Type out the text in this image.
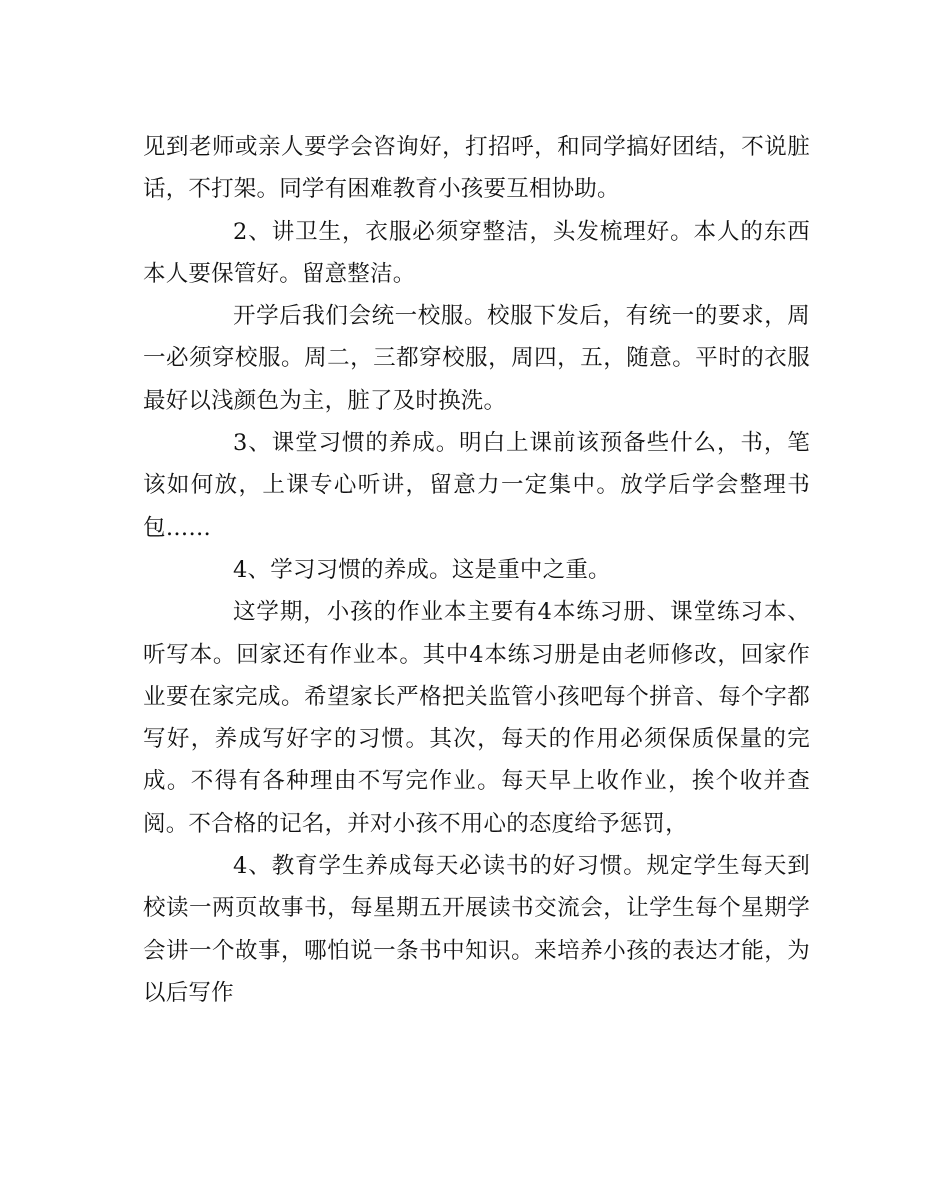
见到老师或亲人要学会咨询好，打招呼，和同学搞好团结，不说脏话，不打架。同学有困难教育小孩要互相协助。

2、讲卫生，衣服必须穿整洁，头发梳理好。本人的东西本人要保管好。留意整洁。

开学后我们会统一校服。校服下发后，有统一的要求，周一必须穿校服。周二，三都穿校服，周四，五，随意。平时的衣服最好以浅颜色为主，脏了及时换洗。

3、课堂习惯的养成。明白上课前该预备些什么，书，笔该如何放，上课专心听讲，留意力一定集中。放学后学会整理书包……

4、学习习惯的养成。这是重中之重。

这学期，小孩的作业本主要有4本练习册、课堂练习本、听写本。回家还有作业本。其中4本练习册是由老师修改，回家作业要在家完成。希望家长严格把关监管小孩吧每个拼音、每个字都写好，养成写好字的习惯。其次，每天的作用必须保质保量的完成。不得有各种理由不写完作业。每天早上收作业，挨个收并查阅。不合格的记名，并对小孩不用心的态度给予惩罚，

4、教育学生养成每天必读书的好习惯。规定学生每天到校读一两页故事书，每星期五开展读书交流会，让学生每个星期学会讲一个故事，哪怕说一条书中知识。来培养小孩的表达才能，为以后写作
